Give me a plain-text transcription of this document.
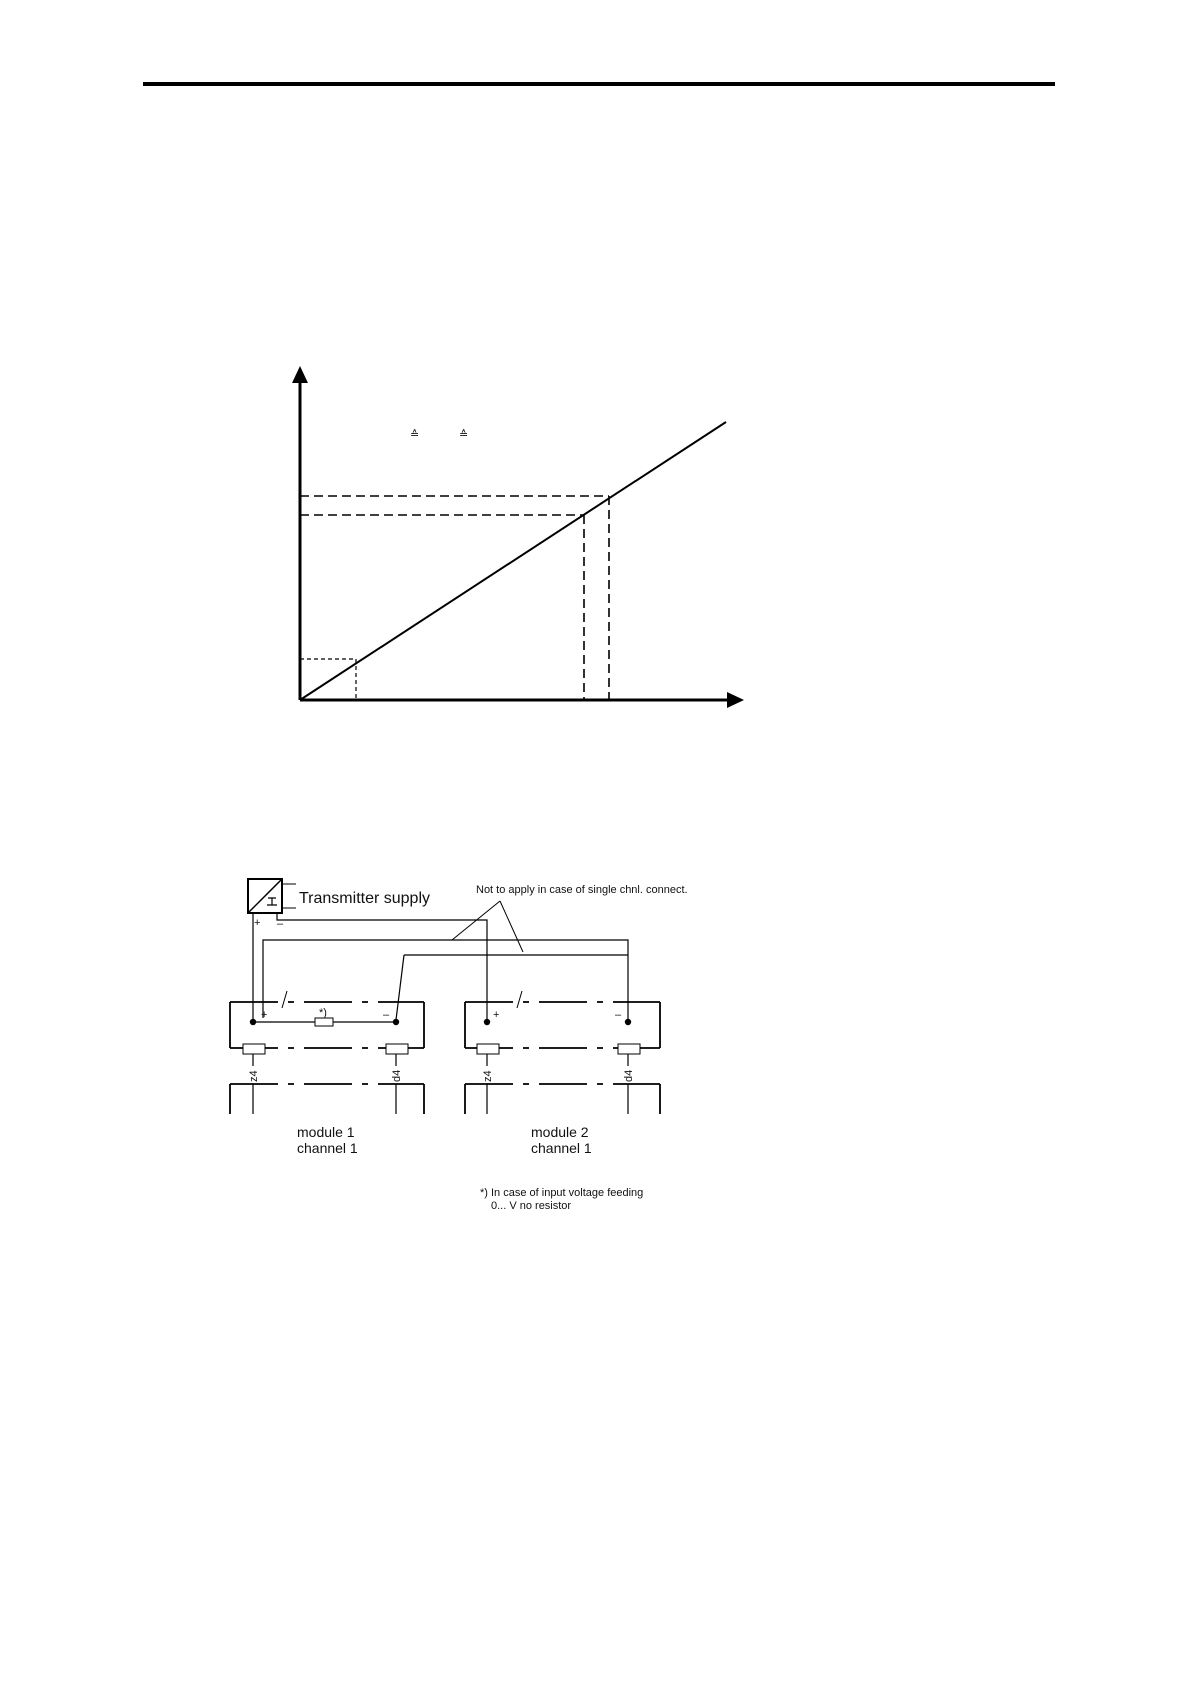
≙	≙
Transmitter supply
+ –
Not to apply in case of single chnl. connect.
*)
+	–	+	–
z4	d4	z4	d4
module 1
channel 1
module 2
channel 1
*) In case of input voltage feeding
0... V no resistor
